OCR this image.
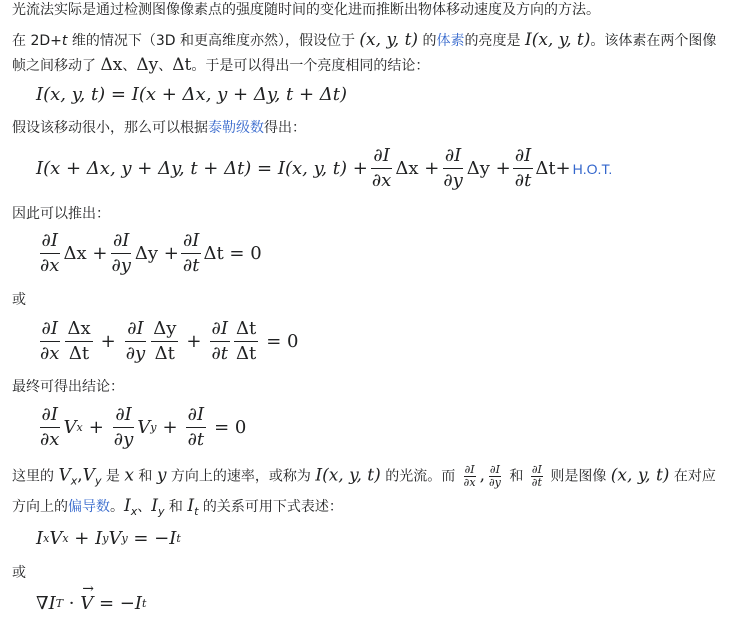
光流法实际是通过检测图像像素点的强度随时间的变化进而推断出物体移动速度及方向的方法。
在 2D+t 维的情况下（3D 和更高维度亦然），假设位于 (x, y, t) 的体素的亮度是 I(x, y, t)。该体素在两个图像
帧之间移动了 Δx、Δy、Δt。于是可以得出一个亮度相同的结论：
I(x, y, t) = I(x + Δx, y + Δy, t + Δt)
假设该移动很小，那么可以根据泰勒级数得出：
I(x + Δx, y + Δy, t + Δt) = I(x, y, $t) + \frac{\partial I}{\partial x}$ $\Delta x + \frac{\partial I}{\partial y}$ $\Delta y + \frac{\partial I}{\partial t} \Delta t+ H.O.T$.
因此可以推出：
$\frac{\partial I}{\partial x}$ $\Delta x + \frac{\partial I}{\partial y}$ $\Delta y + \frac{\partial I}{\partial t}$ Δt = 0
或
$\frac{\partial I}{\partial x} \frac{\Delta x}{\Delta t} + \frac{\partial I}{\partial y} \frac{\Delta y}{\Delta t} + \frac{\partial I}{\partial t} \frac{\Delta t}{\Delta t} = 0$
最终可得出结论：
$\frac{\partial I}{\partial x}$ V $x + \frac{\partial I}{\partial y}$ V $y + \frac{\partial I}{\partial t} = 0$
这里的 $V_x,V_y$ 是 x 和 y 方向上的速率，或称为 I(x, y, t) 的光流。而 $\frac{\partial I}{\partial x}$ , $\frac{\partial I}{\partial y}$ 和 $\frac{\partial I}{\partial t}$ 则是图像 (x, y, t) 在对应
方向上的偏导数。$I_x$、$I_y$ 和 $I_t$ 的关系可用下式表述：
I x V x + I y V y = − I t
或
∇ I T ·
→
V = − I t
